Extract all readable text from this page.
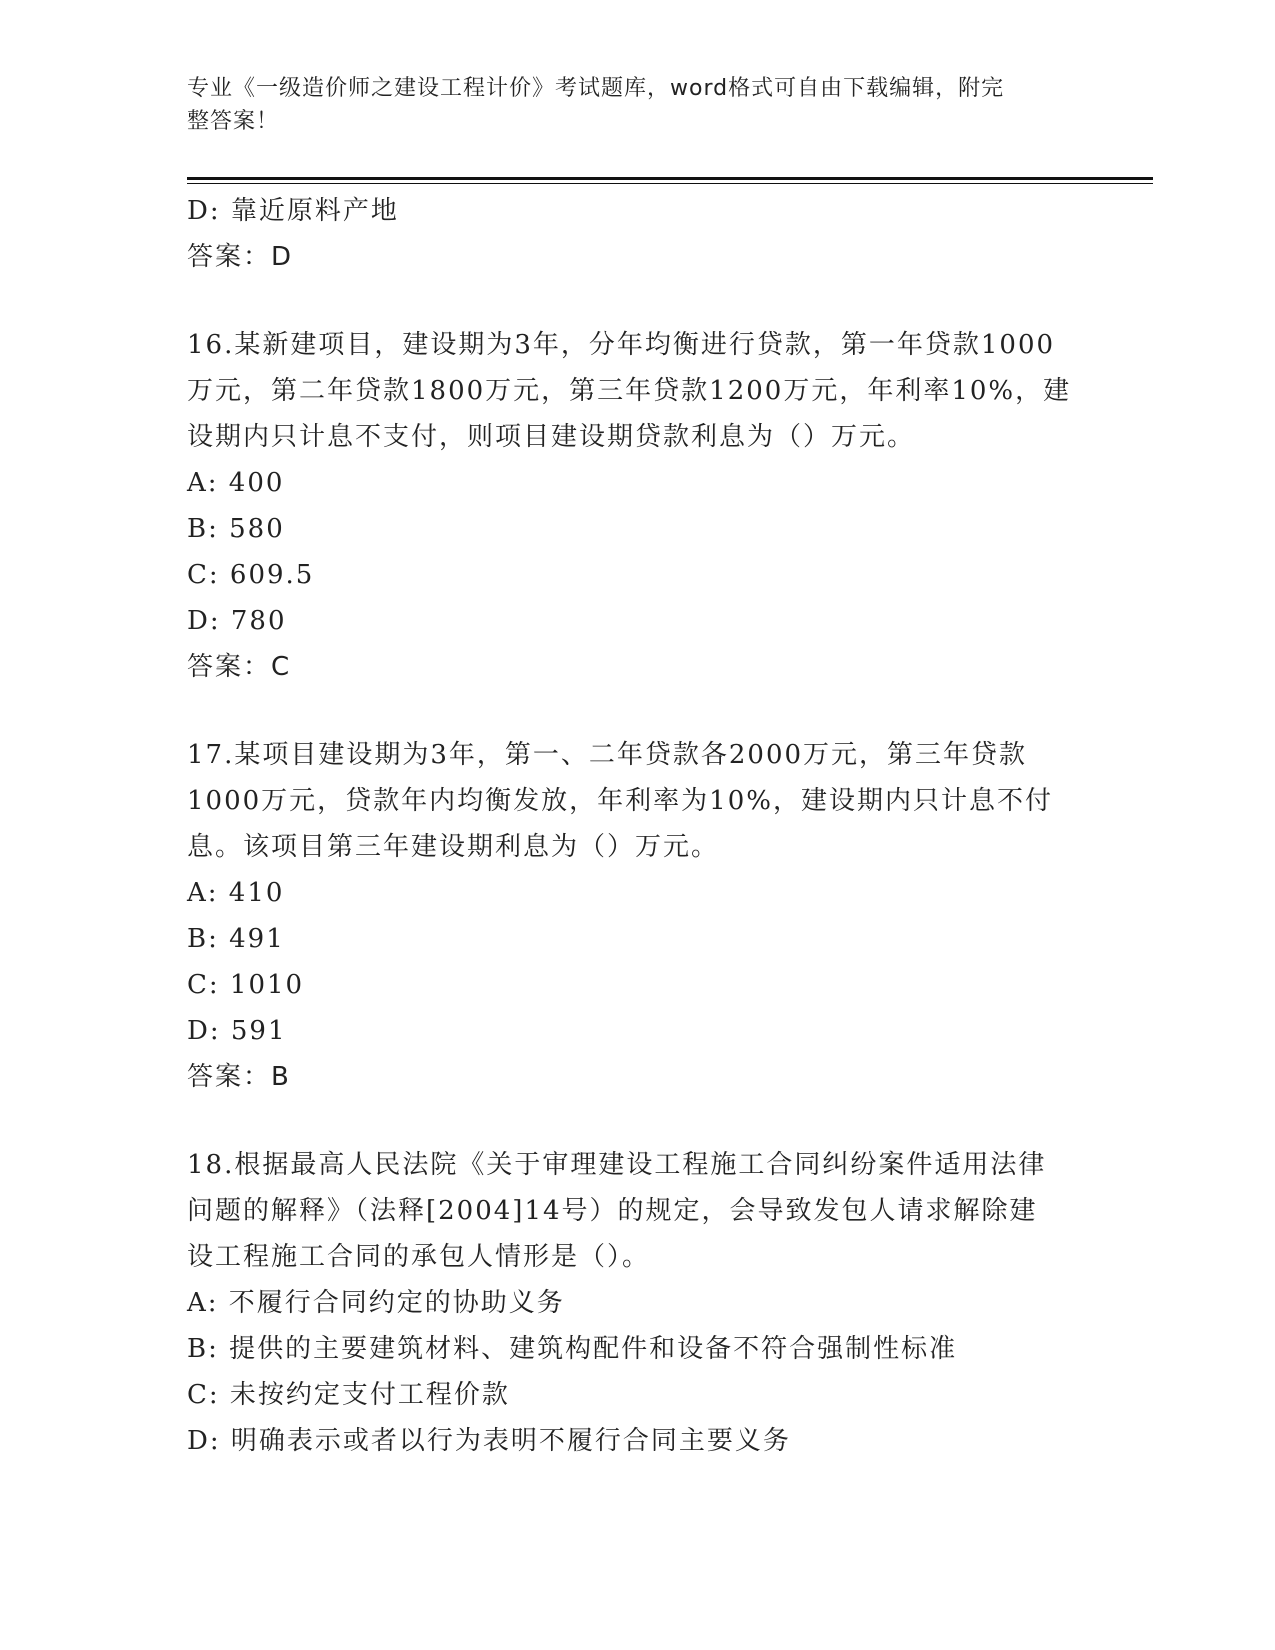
专业《一级造价师之建设工程计价》考试题库，word格式可自由下载编辑，附完
整答案！
D: 靠近原料产地
答案：D
16.某新建项目，建设期为3年，分年均衡进行贷款，第一年贷款1000
万元，第二年贷款1800万元，第三年贷款1200万元，年利率10%，建
设期内只计息不支付，则项目建设期贷款利息为（）万元。
A: 400
B: 580
C: 609.5
D: 780
答案：C
17.某项目建设期为3年，第一、二年贷款各2000万元，第三年贷款
1000万元，贷款年内均衡发放，年利率为10%，建设期内只计息不付
息。该项目第三年建设期利息为（）万元。
A: 410
B: 491
C: 1010
D: 591
答案：B
18.根据最高人民法院《关于审理建设工程施工合同纠纷案件适用法律
问题的解释》（法释[2004]14号）的规定，会导致发包人请求解除建
设工程施工合同的承包人情形是（）。
A: 不履行合同约定的协助义务
B: 提供的主要建筑材料、建筑构配件和设备不符合强制性标准
C: 未按约定支付工程价款
D: 明确表示或者以行为表明不履行合同主要义务
